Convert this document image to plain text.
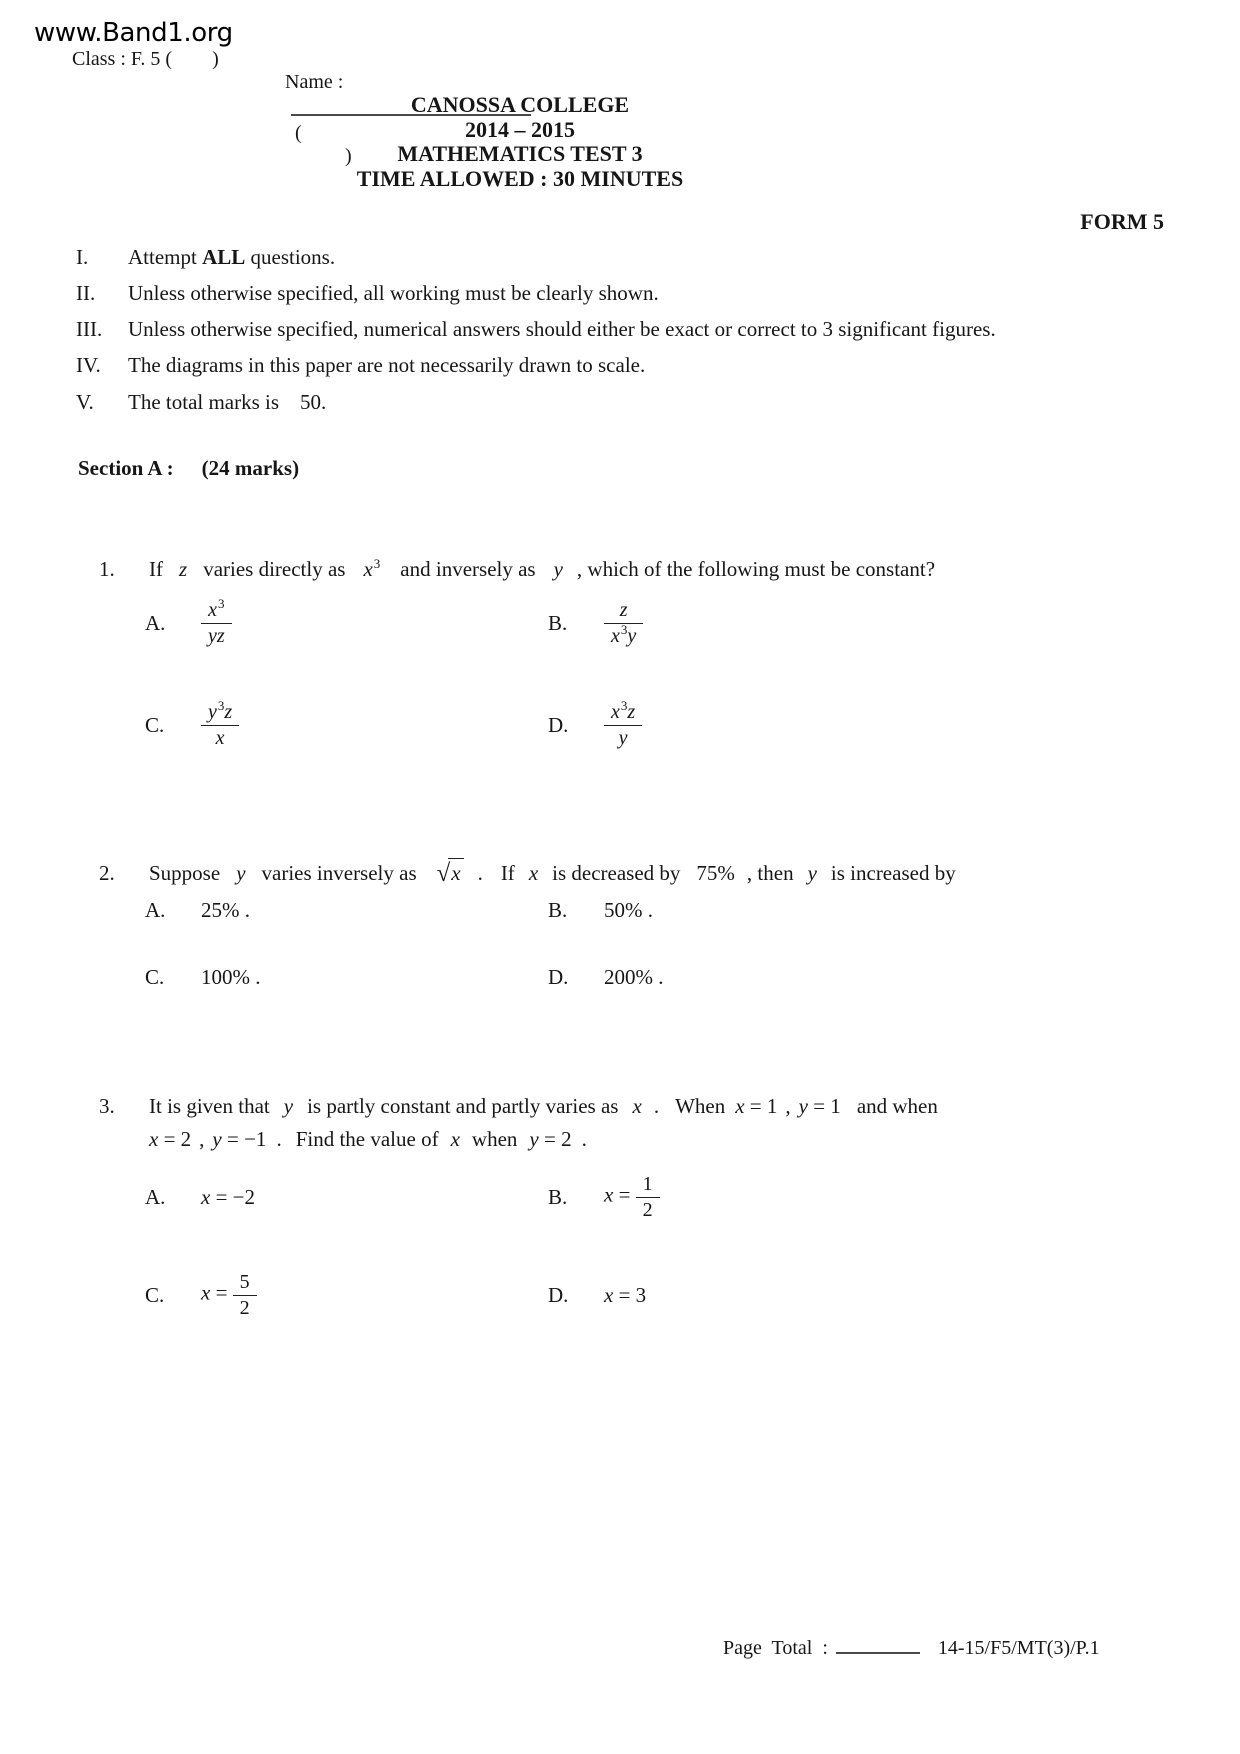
www.Band1.org
Class : F. 5 (        )

Name :

(
)

CANOSSA COLLEGE
2014 – 2015
MATHEMATICS TEST 3
TIME ALLOWED : 30 MINUTES
FORM 5
I. Attempt ALL questions.
II. Unless otherwise specified, all working must be clearly shown.
III. Unless otherwise specified, numerical answers should either be exact or correct to 3 significant figures.
IV. The diagrams in this paper are not necessarily drawn to scale.
V. The total marks is    50.
Section A : (24 marks)

1. If z varies directly as $x^3$ and inversely as y , which of the following must be constant?

A.	$\frac{x^3}{yz}$	B.	$\frac{z}{x^3y}$
C.	$\frac{y^3z}{x}$	D.	$\frac{x^3z}{y}$

2. Suppose y varies inversely as √x . If x is decreased by 75% , then y is increased by

A.	25% .	B.	50% .
C.	100% .	D.	200% .

3. It is given that y is partly constant and partly varies as x . When x = 1 , y = 1 and when

x = 2 , y = −1 . Find the value of x when y = 2 .

A.	x = −2	B.	$x = \frac{1}{2}$
C.	$x = \frac{5}{2}$	D.	x = 3
Page  Total  :	14-15/F5/MT(3)/P.1
